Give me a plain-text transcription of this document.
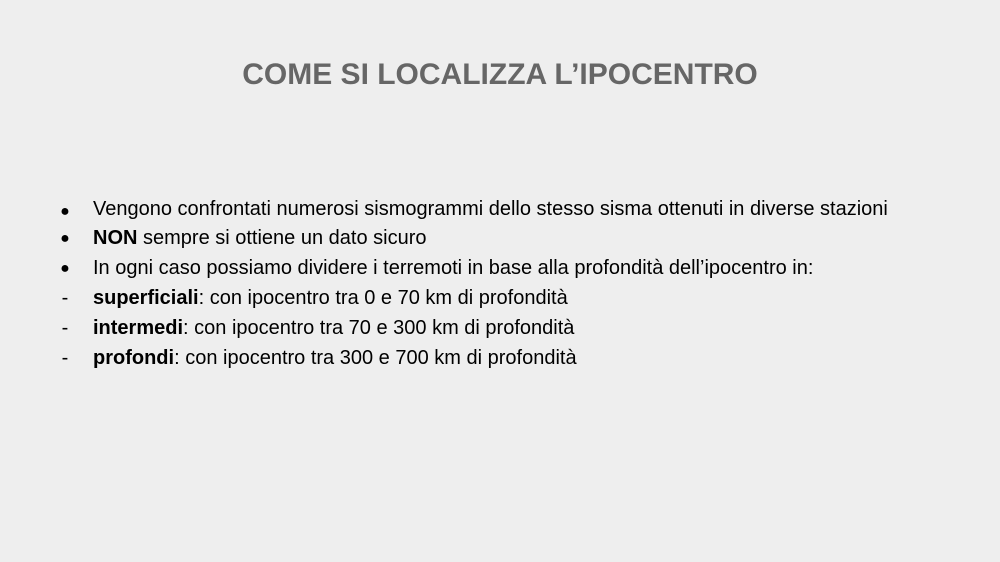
COME SI LOCALIZZA L’IPOCENTRO
● Vengono confrontati numerosi sismogrammi dello stesso sisma ottenuti in diverse stazioni
● NON sempre si ottiene un dato sicuro
● In ogni caso possiamo dividere i terremoti in base alla profondità dell’ipocentro in:
-	superficiali: con ipocentro tra 0 e 70 km di profondità
-	intermedi: con ipocentro tra 70 e 300 km di profondità
-	profondi: con ipocentro tra 300 e 700 km di profondità
